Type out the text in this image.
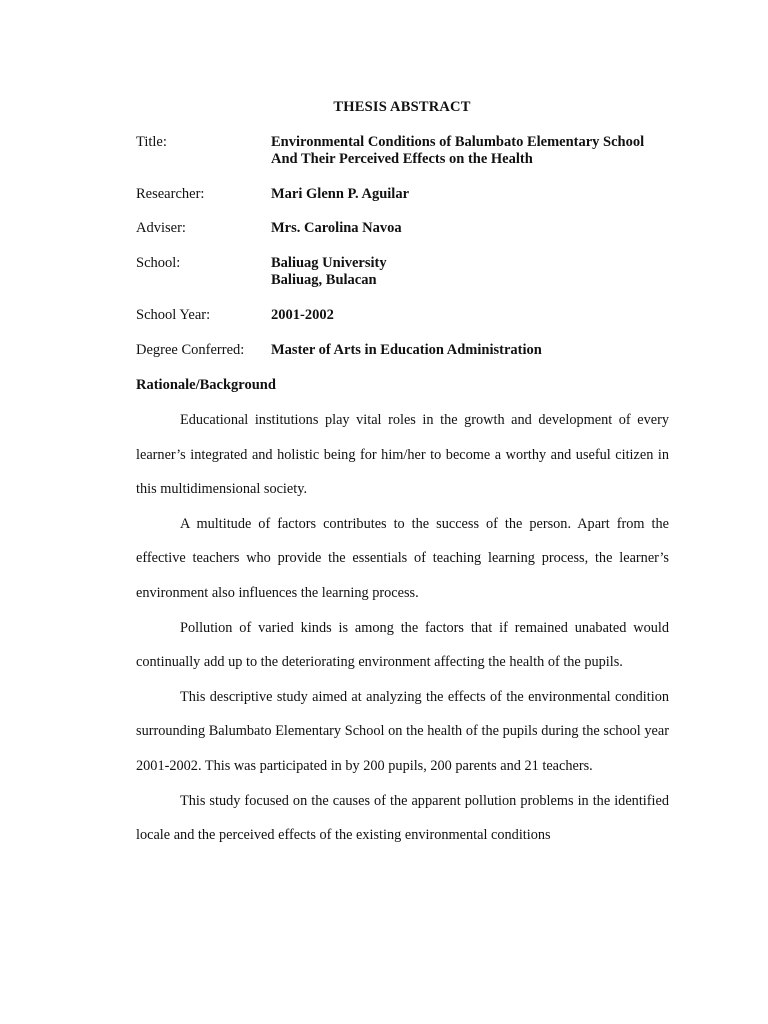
THESIS ABSTRACT
Title:	Environmental Conditions of Balumbato Elementary School
And Their Perceived Effects on the Health
Researcher:	Mari Glenn P. Aguilar
Adviser:	Mrs. Carolina Navoa
School:	Baliuag University
Baliuag, Bulacan
School Year:	2001-2002
Degree Conferred: Master of Arts in Education Administration
Rationale/Background

Educational institutions play vital roles in the growth and development of every learner’s integrated and holistic being for him/her to become a worthy and useful citizen in this multidimensional society.

A multitude of factors contributes to the success of the person. Apart from the effective teachers who provide the essentials of teaching learning process, the learner’s environment also influences the learning process.

Pollution of varied kinds is among the factors that if remained unabated would continually add up to the deteriorating environment affecting the health of the pupils.

This descriptive study aimed at analyzing the effects of the environmental condition surrounding Balumbato Elementary School on the health of the pupils during the school year 2001-2002. This was participated in by 200 pupils, 200 parents and 21 teachers.

This study focused on the causes of the apparent pollution problems in the identified locale and the perceived effects of the existing environmental conditions
